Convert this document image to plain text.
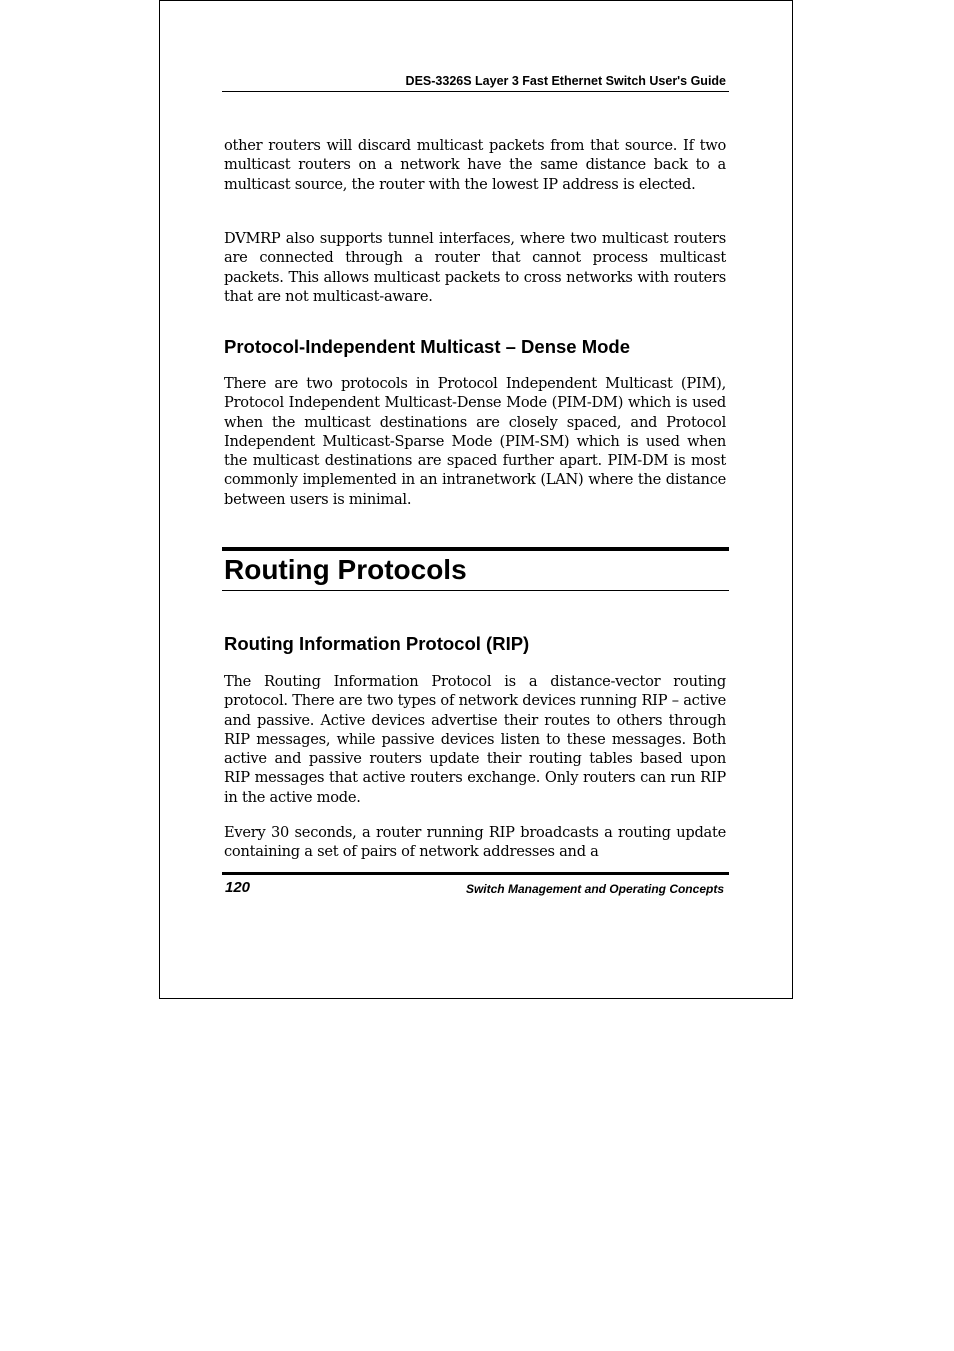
DES-3326S Layer 3 Fast Ethernet Switch User's Guide

other routers will discard multicast packets from that source. If two multicast routers on a network have the same distance back to a multicast source, the router with the lowest IP address is elected.

DVMRP also supports tunnel interfaces, where two multicast routers are connected through a router that cannot process multicast packets. This allows multicast packets to cross networks with routers that are not multicast-aware.

Protocol-Independent Multicast – Dense Mode

There are two protocols in Protocol Independent Multicast (PIM), Protocol Independent Multicast-Dense Mode (PIM-DM) which is used when the multicast destinations are closely spaced, and Protocol Independent Multicast-Sparse Mode (PIM-SM) which is used when the multicast destinations are spaced further apart. PIM-DM is most commonly implemented in an intranetwork (LAN) where the distance between users is minimal.

Routing Protocols
Routing Information Protocol (RIP)

The Routing Information Protocol is a distance-vector routing protocol. There are two types of network devices running RIP – active and passive. Active devices advertise their routes to others through RIP messages, while passive devices listen to these messages. Both active and passive routers update their routing tables based upon RIP messages that active routers exchange. Only routers can run RIP in the active mode.

Every 30 seconds, a router running RIP broadcasts a routing update containing a set of pairs of network addresses and a

120	Switch Management and Operating Concepts
